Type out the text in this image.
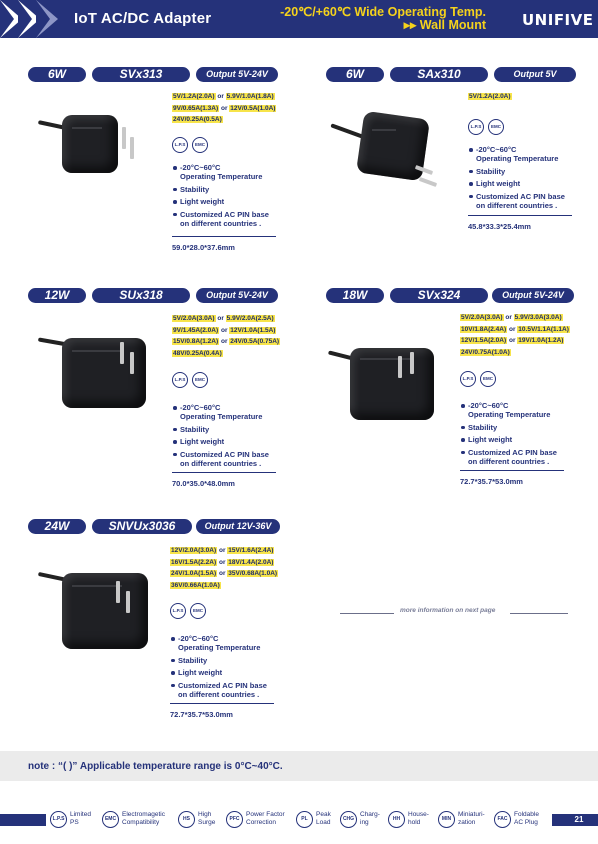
IoT AC/DC Adapter	-20℃/+60℃ Wide Operating Temp.
▸▸ Wall Mount UNIFIVE
6W	SVx313	Output 5V-24V
5V/1.2A(2.0A) or 5.9V/1.0A(1.8A)
9V/0.65A(1.3A) or 12V/0.5A(1.0A)
24V/0.25A(0.5A)
L.P.S	EMC
-20°C~60°C
Operating Temperature
Stability
Light weight
Customized AC PIN base
on different countries .
59.0*28.0*37.6mm
6W	SAx310	Output 5V
5V/1.2A(2.0A)
L.P.S	EMC
-20°C~60°C
Operating Temperature
Stability
Light weight
Customized AC PIN base
on different countries .
45.8*33.3*25.4mm
12W	SUx318	Output 5V-24V
5V/2.0A(3.0A) or 5.9V/2.0A(2.5A)
9V/1.45A(2.0A) or 12V/1.0A(1.5A)
15V/0.8A(1.2A) or 24V/0.5A(0.75A)
48V/0.25A(0.4A)
L.P.S	EMC
-20°C~60°C
Operating Temperature
Stability
Light weight
Customized AC PIN base
on different countries .
70.0*35.0*48.0mm
18W	SVx324	Output 5V-24V
5V/2.0A(3.0A) or 5.9V/3.0A(3.0A)
10V/1.8A(2.4A) or 10.5V/1.1A(1.1A)
12V/1.5A(2.0A) or 19V/1.0A(1.2A)
24V/0.75A(1.0A)
L.P.S	EMC
-20°C~60°C
Operating Temperature
Stability
Light weight
Customized AC PIN base
on different countries .
72.7*35.7*53.0mm
24W	SNVUx3036	Output 12V-36V
12V/2.0A(3.0A) or 15V/1.6A(2.4A)
16V/1.5A(2.2A) or 18V/1.4A(2.0A)
24V/1.0A(1.5A) or 35V/0.68A(1.0A)
36V/0.66A(1.0A)
L.P.S	EMC
-20°C~60°C
Operating Temperature
Stability
Light weight
Customized AC PIN base
on different countries .
72.7*35.7*53.0mm
more information on next page
note : “( )” Applicable temperature range is 0°C~40°C.
21
L.P.S
Limited
PS	EMC
Electromagetic
Compatibility	HS
High
Surge	PFC
Power Factor
Correction	PL
Peak
Load	CHG
Charg-
ing	HH
House-
hold	MIN
Miniaturi-
zation	FAC
Foldable
AC Plug
